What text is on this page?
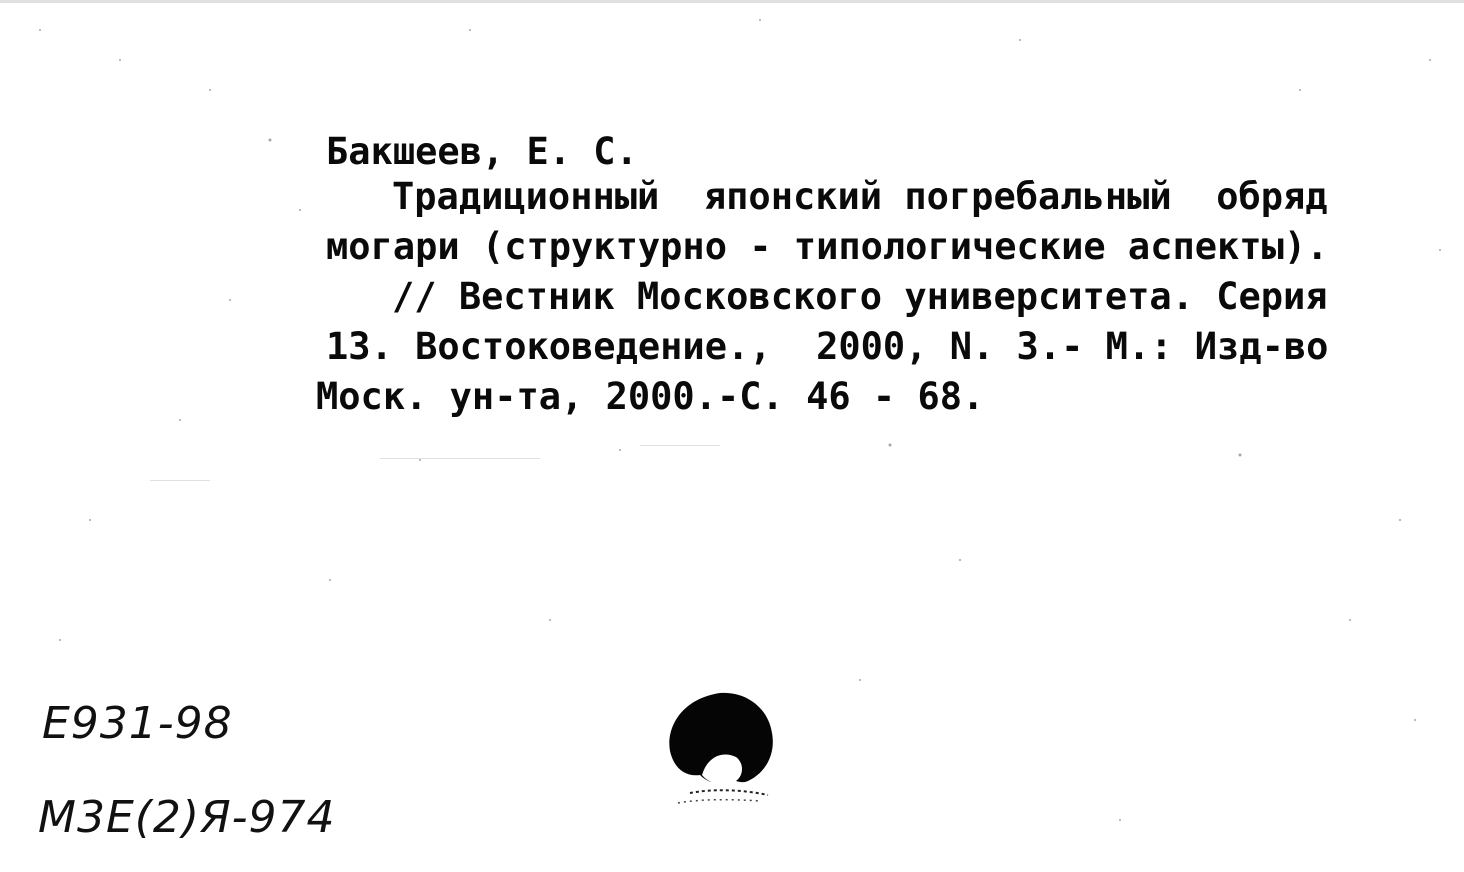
Бакшеев, Е. С.
Традиционный  японский погребальный  обряд
могари (структурно - типологические аспекты).
// Вестник Московского университета. Серия
13. Востоковедение.,  2000, N. 3.- М.: Изд-во
Моск. ун-та, 2000.-С. 46 - 68.
Е931-98
М3Е(2)Я-974
